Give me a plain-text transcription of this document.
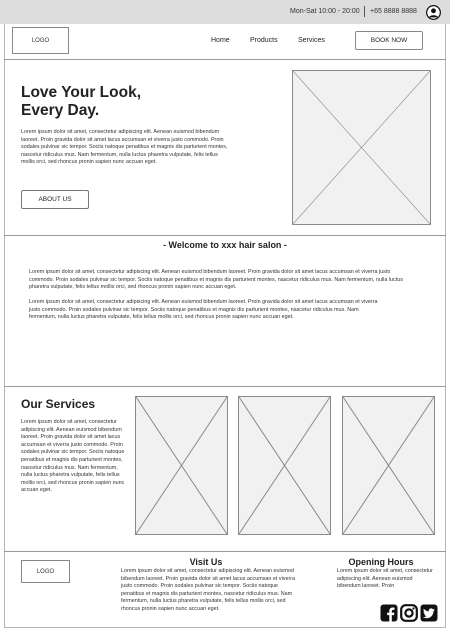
Mon-Sat 10:00 - 20:00 +65 8888 8888
LOGO	Home	Products	Services	BOOK NOW
Love Your Look,
Every Day.
Lorem ipsum dolor sit amet, consectetur adipiscing elit. Aenean euismod bibendum laoreet. Proin gravida dolor sit amet lacus accumsan et viverra justo commodo. Proin sodales pulvinar sic tempor. Sociis natoque penatibus et magnis dis parturient montes, nascetur ridiculus mus. Nam fermentum, nulla luctus pharetra vulputate, felis tellus mollis orci, sed rhoncus pronin sapien nunc accuan eget.
ABOUT US
- Welcome to xxx hair salon -
Lorem ipsum dolor sit amet, consectetur adipiscing elit. Aenean euismod bibendum laoreet. Proin gravida dolor sit amet lacus accumsan et viverra justo commodo. Proin sodales pulvinar sic tempor. Sociis natoque penatibus et magnis dis parturient montes, nascetur ridiculus mus. Nam fermentum, nulla luctus pharetra vulputate, felis tellus mollis orci, sed rhoncus pronin sapien nunc accuan eget.
Lorem ipsum dolor sit amet, consectetur adipiscing elit. Aenean euismod bibendum laoreet. Proin gravida dolor sit amet lacus accumsan et viverra justo commodo. Proin sodales pulvinar sic tempor. Sociis natoque penatibus et magnis dis parturient montes, nascetur ridiculus mus. Nam fermentum, nulla luctus pharetra vulputate, felis tellus mollis orci, sed rhoncus pronin sapien nunc accuan eget.
Our Services
Lorem ipsum dolor sit amet, consectetur adipiscing elit. Aenean euismod bibendum laoreet. Proin gravida dolor sit amet lacus accumsan et viverra justo commodo. Proin sodales pulvinar sic tempor. Sociis natoque penatibus et magnis dis parturient montes, nascetur ridiculus mus. Nam fermentum, nulla luctus pharetra vulputate, felis tellus mollis orci, sed rhoncus pronin sapien nunc accuan eget.
LOGO
Visit Us
Lorem ipsum dolor sit amet, consectetur adipiscing elit. Aenean euismod bibendum laoreet. Proin gravida dolor sit amet lacus accumsan et viverra justo commodo. Proin sodales pulvinar sic tempor. Sociis natoque penatibus et magnis dis parturient montes, nascetur ridiculus mus. Nam fermentum, nulla luctus pharetra vulputate, felis tellus mollis orci, sed rhoncus pronin sapien nunc accuan eget.
Opening Hours
Lorem ipsum dolor sit amet, consectetur adipiscing elit. Aenean euismod bibendum laoreet. Proin
